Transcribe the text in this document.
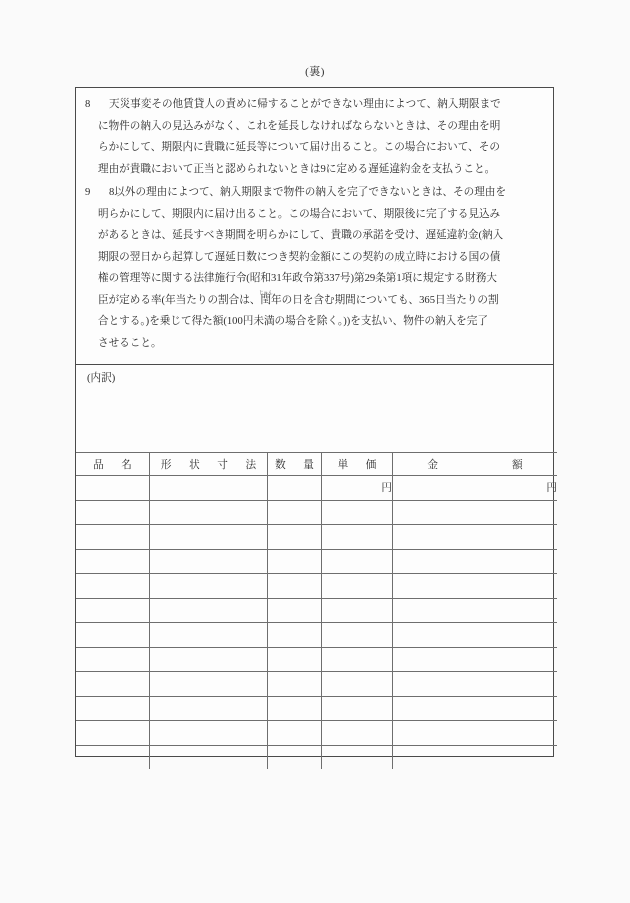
(裏)
8 天災事変その他賃貸人の責めに帰することができない理由によつて、納入期限まで
に物件の納入の見込みがなく、これを延長しなければならないときは、その理由を明
らかにして、期限内に貴職に延長等について届け出ること。この場合において、その
理由が貴職において正当と認められないときは9に定める遅延違約金を支払うこと。
9 8以外の理由によつて、納入期限まで物件の納入を完了できないときは、その理由を
明らかにして、期限内に届け出ること。この場合において、期限後に完了する見込み
があるときは、延長すべき期間を明らかにして、貴職の承諾を受け、遅延違約金(納入
期限の翌日から起算して遅延日数につき契約金額にこの契約の成立時における国の債
権の管理等に関する法律施行令(昭和31年政令第337号)第29条第1項に規定する財務大
臣が定める率(年当たりの割合は、閏じゅん年の日を含む期間についても、365日当たりの割
合とする。)を乗じて得た額(100円未満の場合を除く。))を支払い、物件の納入を完了
させること。
(内訳)
品　名	形　状　寸　法	数　量	単　価	金　　　　　額
			円	円
